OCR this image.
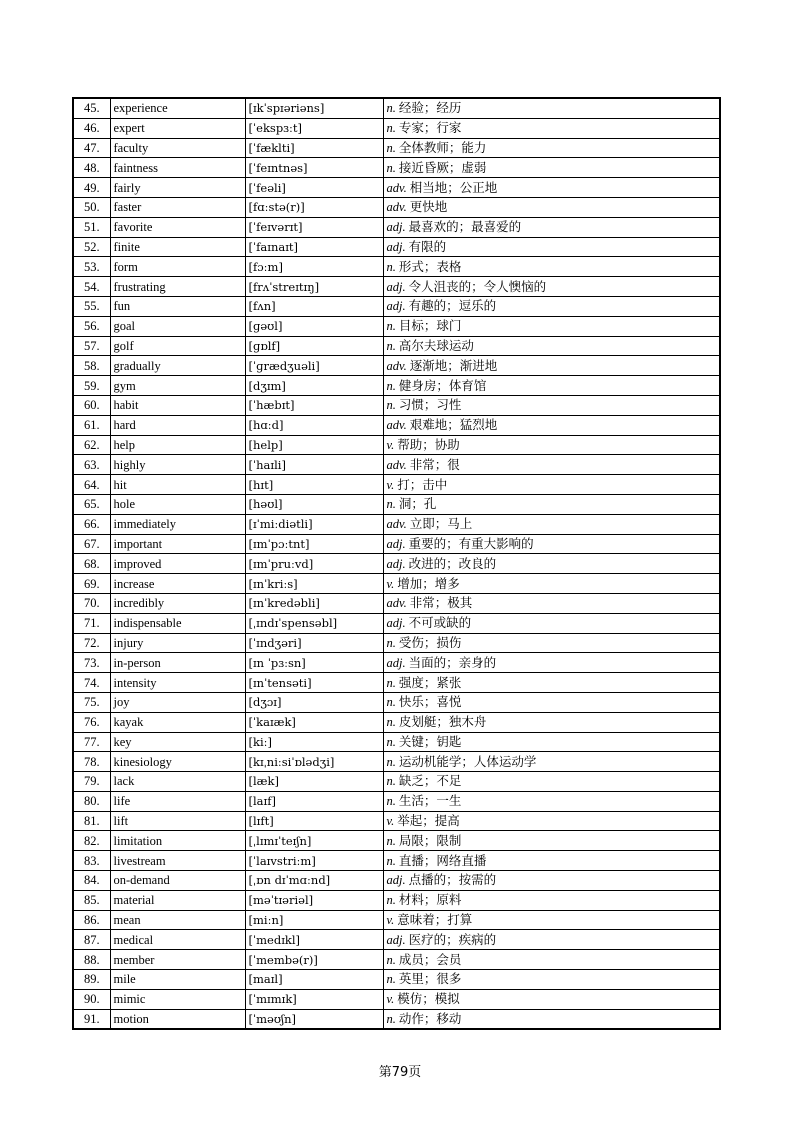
45.	experience	[ɪkˈspɪəriəns]	n. 经验；经历
46.	expert	[ˈekspɜːt]	n. 专家；行家
47.	faculty	[ˈfæklti]	n. 全体教师；能力
48.	faintness	[ˈfeɪntnəs]	n. 接近昏厥；虚弱
49.	fairly	[ˈfeəli]	adv. 相当地；公正地
50.	faster	[fɑːstə(r)]	adv. 更快地
51.	favorite	[ˈfeɪvərɪt]	adj. 最喜欢的；最喜爱的
52.	finite	[ˈfaɪnaɪt]	adj. 有限的
53.	form	[fɔːm]	n. 形式；表格
54.	frustrating	[frʌˈstreɪtɪŋ]	adj. 令人沮丧的；令人懊恼的
55.	fun	[fʌn]	adj. 有趣的；逗乐的
56.	goal	[ɡəʊl]	n. 目标；球门
57.	golf	[ɡɒlf]	n. 高尔夫球运动
58.	gradually	[ˈɡrædʒuəli]	adv. 逐渐地；渐进地
59.	gym	[dʒɪm]	n. 健身房；体育馆
60.	habit	[ˈhæbɪt]	n. 习惯；习性
61.	hard	[hɑːd]	adv. 艰难地；猛烈地
62.	help	[help]	v. 帮助；协助
63.	highly	[ˈhaɪli]	adv. 非常；很
64.	hit	[hɪt]	v. 打；击中
65.	hole	[həʊl]	n. 洞；孔
66.	immediately	[ɪˈmiːdiətli]	adv. 立即；马上
67.	important	[ɪmˈpɔːtnt]	adj. 重要的；有重大影响的
68.	improved	[ɪmˈpruːvd]	adj. 改进的；改良的
69.	increase	[ɪnˈkriːs]	v. 增加；增多
70.	incredibly	[ɪnˈkredəbli]	adv. 非常；极其
71.	indispensable	[ˌɪndɪˈspensəbl]	adj. 不可或缺的
72.	injury	[ˈɪndʒəri]	n. 受伤；损伤
73.	in-person	[ɪn ˈpɜːsn]	adj. 当面的；亲身的
74.	intensity	[ɪnˈtensəti]	n. 强度；紧张
75.	joy	[dʒɔɪ]	n. 快乐；喜悦
76.	kayak	[ˈkaɪæk]	n. 皮划艇；独木舟
77.	key	[kiː]	n. 关键；钥匙
78.	kinesiology	[kɪˌniːsiˈɒlədʒi]	n. 运动机能学；人体运动学
79.	lack	[læk]	n. 缺乏；不足
80.	life	[laɪf]	n. 生活；一生
81.	lift	[lɪft]	v. 举起；提高
82.	limitation	[ˌlɪmɪˈteɪʃn]	n. 局限；限制
83.	livestream	[ˈlaɪvstriːm]	n. 直播；网络直播
84.	on-demand	[ˌɒn dɪˈmɑːnd]	adj. 点播的；按需的
85.	material	[məˈtɪəriəl]	n. 材料；原料
86.	mean	[miːn]	v. 意味着；打算
87.	medical	[ˈmedɪkl]	adj. 医疗的；疾病的
88.	member	[ˈmembə(r)]	n. 成员；会员
89.	mile	[maɪl]	n. 英里；很多
90.	mimic	[ˈmɪmɪk]	v. 模仿；模拟
91.	motion	[ˈməʊʃn]	n. 动作；移动
第79页
